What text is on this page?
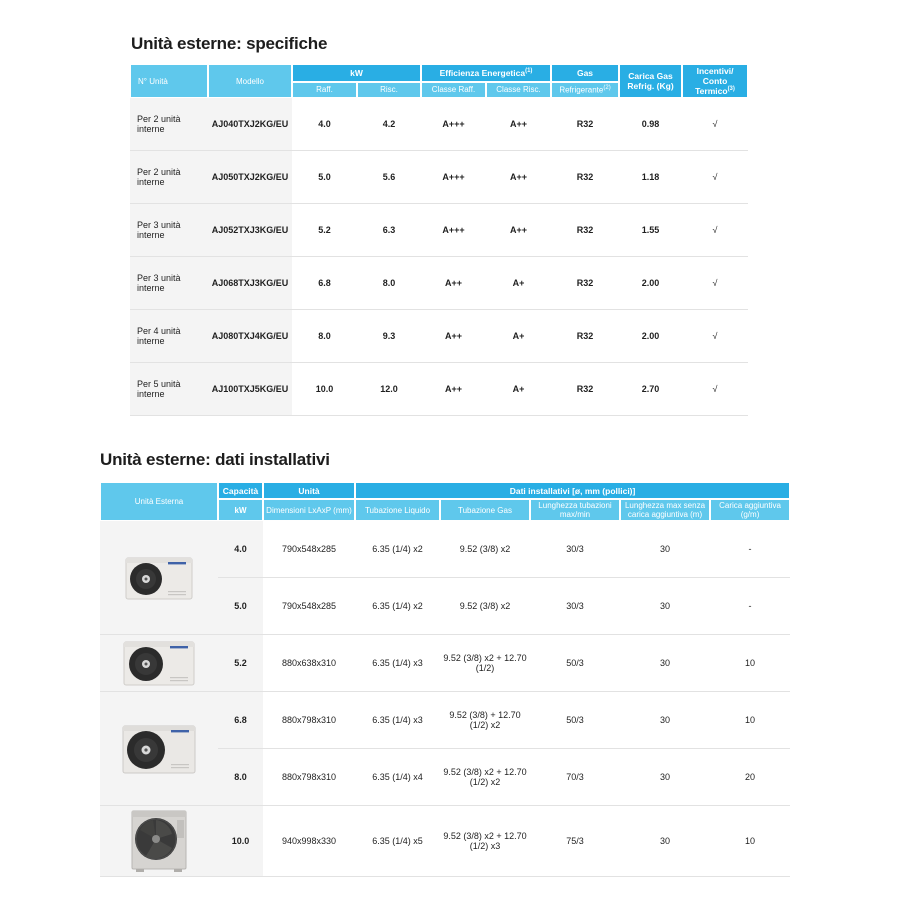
Unità esterne: specifiche
N° Unità	Modello	kW		Efficienza Energetica$^{(1)}$		Gas	Carica Gas
Refrig. (Kg)	Incentivi/
Conto Termico$^{(3)}$
		Raff.	Risc.	Classe Raff.	Classe Risc.	Refrigerante$^{(2)}$
Per 2 unità interne	AJ040TXJ2KG/EU	4.0	4.2	A+++	A++	R32	0.98	√
Per 2 unità interne	AJ050TXJ2KG/EU	5.0	5.6	A+++	A++	R32	1.18	√
Per 3 unità interne	AJ052TXJ3KG/EU	5.2	6.3	A+++	A++	R32	1.55	√
Per 3 unità interne	AJ068TXJ3KG/EU	6.8	8.0	A++	A+	R32	2.00	√
Per 4 unità interne	AJ080TXJ4KG/EU	8.0	9.3	A++	A+	R32	2.00	√
Per 5 unità interne	AJ100TXJ5KG/EU	10.0	12.0	A++	A+	R32	2.70	√
Unità esterne: dati installativi
Unità Esterna	Capacità	Unità	Dati installativi [ø, mm (pollici)]				
	kW	Dimensioni LxAxP (mm)	Tubazione Liquido	Tubazione Gas	Lunghezza tubazioni max/min	Lunghezza max senza carica aggiuntiva (m)	Carica aggiuntiva (g/m)
	4.0	790x548x285	6.35 (1/4) x2	9.52 (3/8) x2	30/3	30	-
	5.0	790x548x285	6.35 (1/4) x2	9.52 (3/8) x2	30/3	30	-
	5.2	880x638x310	6.35 (1/4) x3	9.52 (3/8) x2 + 12.70 (1/2)	50/3	30	10
	6.8	880x798x310	6.35 (1/4) x3	9.52 (3/8) + 12.70 (1/2) x2	50/3	30	10
	8.0	880x798x310	6.35 (1/4) x4	9.52 (3/8) x2 + 12.70 (1/2) x2	70/3	30	20
	10.0	940x998x330	6.35 (1/4) x5	9.52 (3/8) x2 + 12.70 (1/2) x3	75/3	30	10
